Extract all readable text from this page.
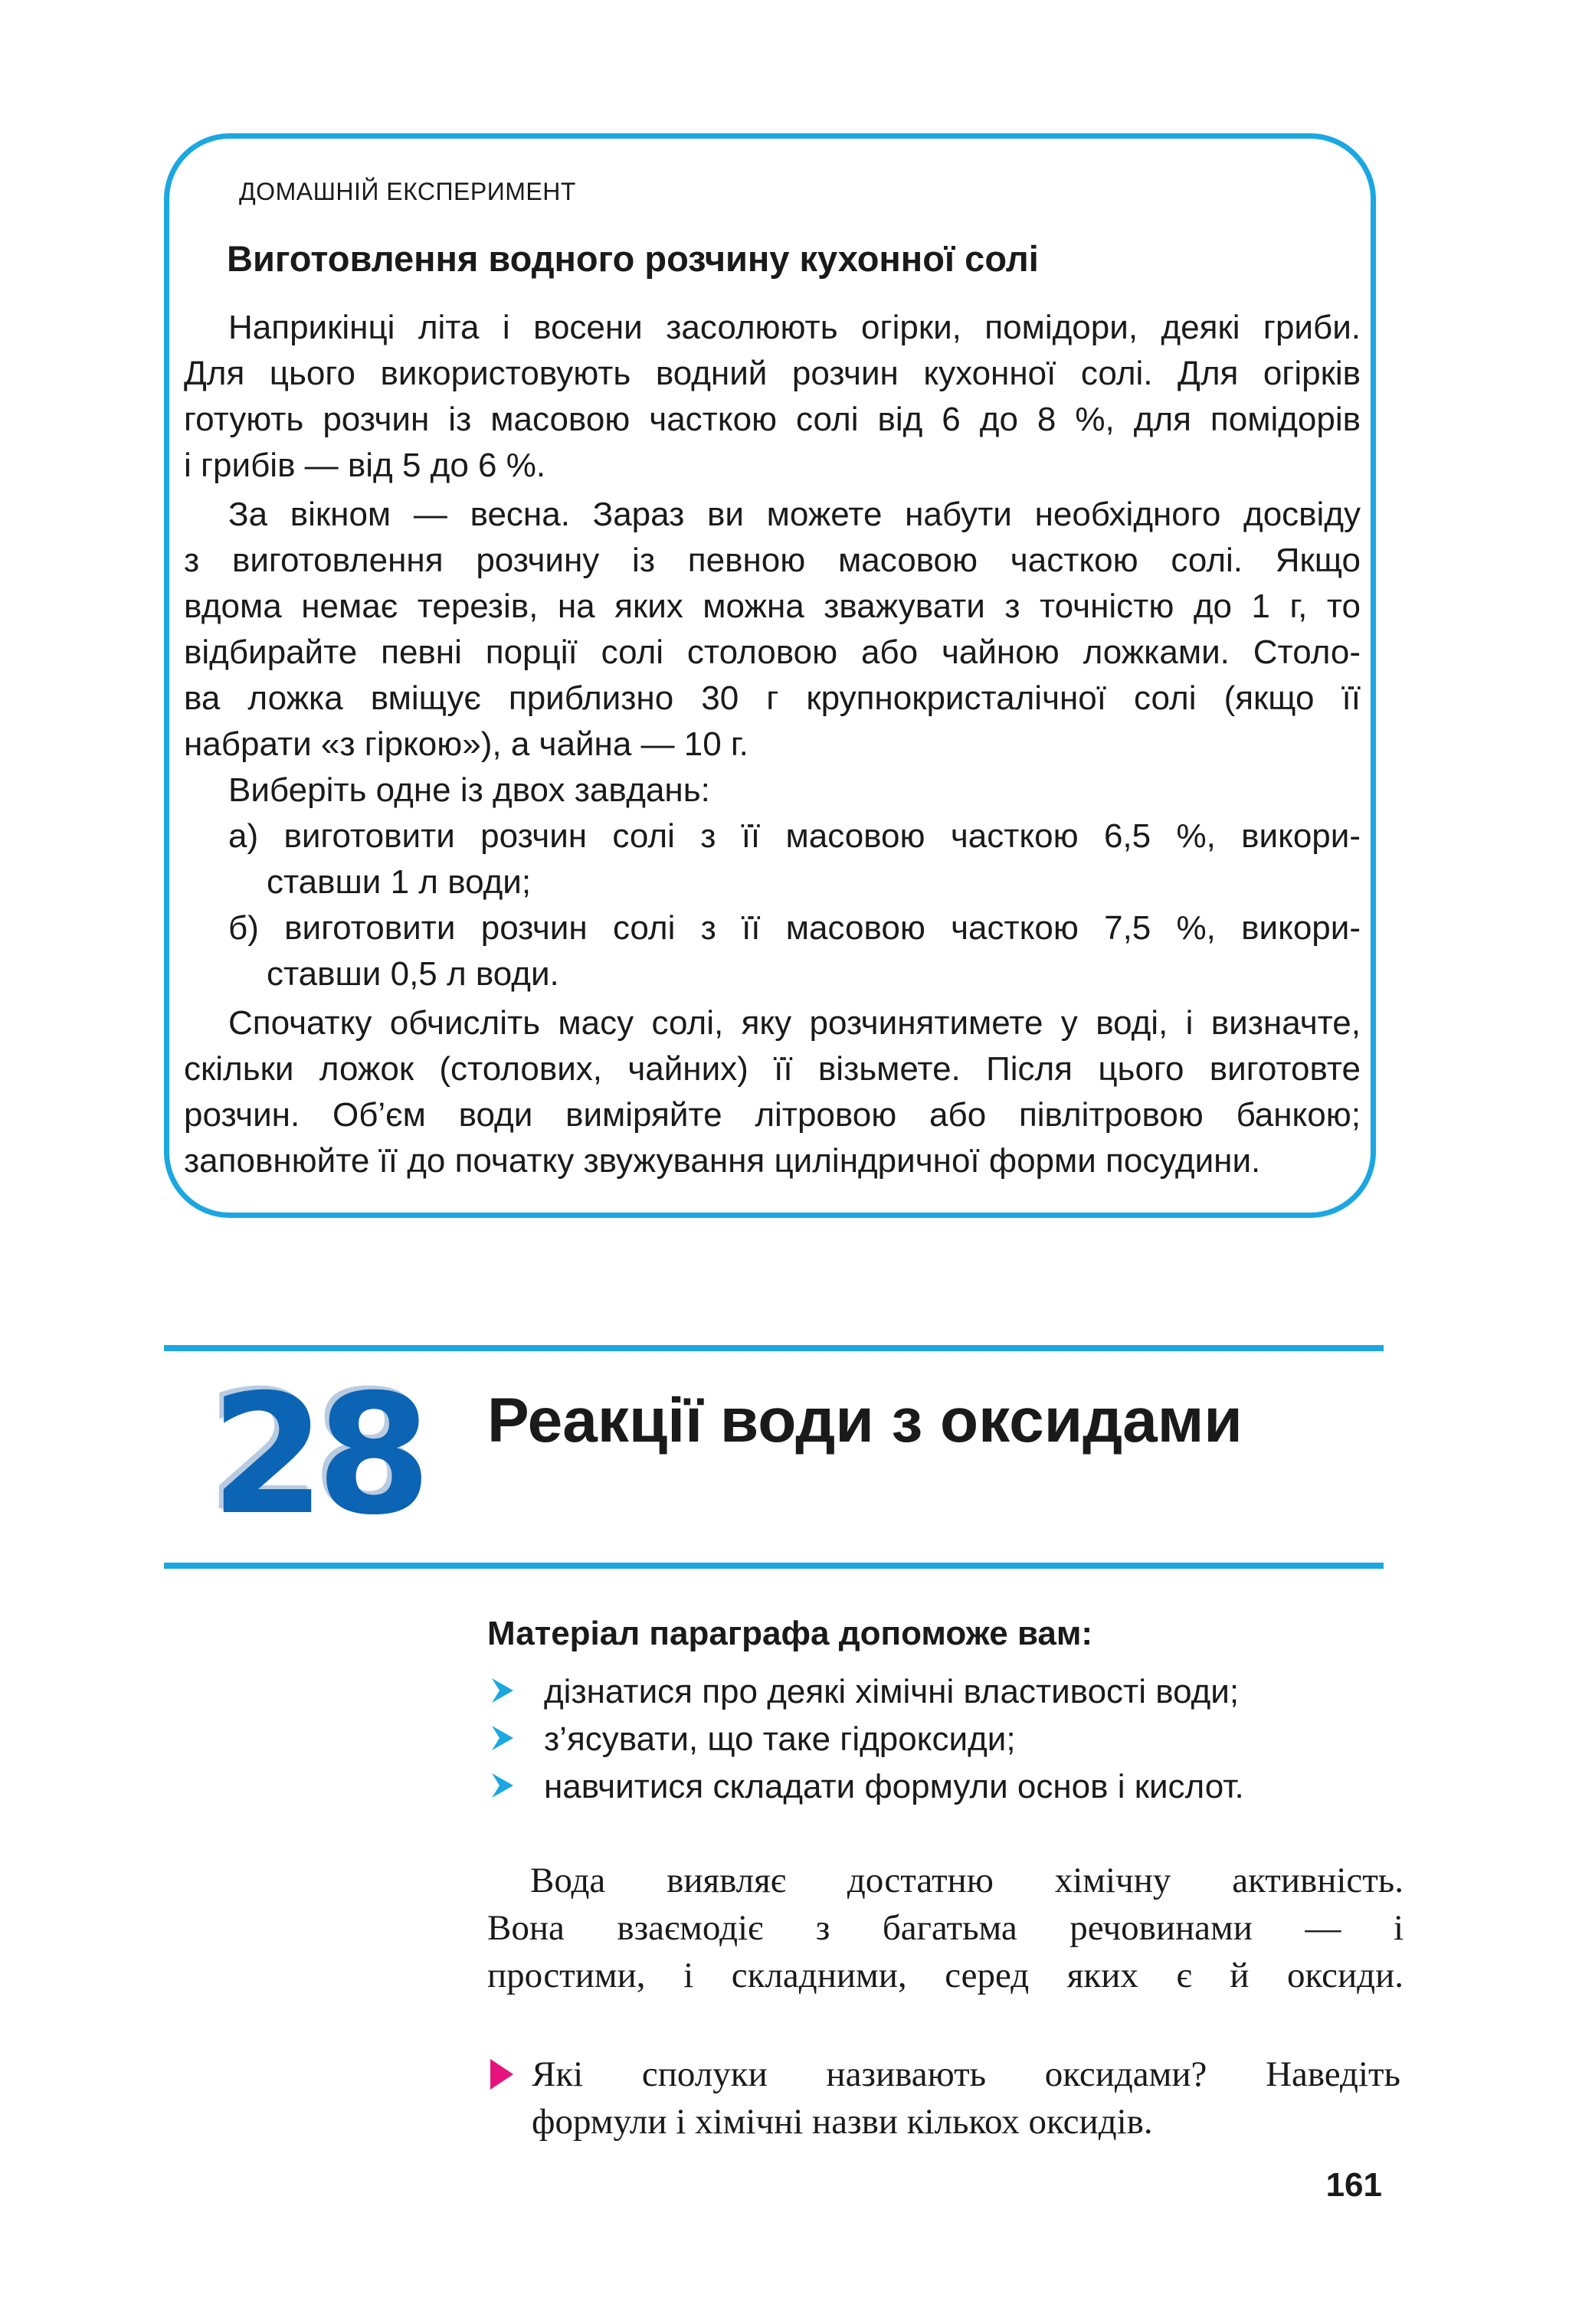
ДОМАШНІЙ ЕКСПЕРИМЕНТ
Виготовлення водного розчину кухонної солі
Наприкінці літа і восени засолюють огірки, помідори, деякі гриби.
Для цього використовують водний розчин кухонної солі. Для огірків
готують розчин із масовою часткою солі від 6 до 8 %, для помідорів
і грибів — від 5 до 6 %.
За вікном — весна. Зараз ви можете набути необхідного досвіду
з виготовлення розчину із певною масовою часткою солі. Якщо
вдома немає терезів, на яких можна зважувати з точністю до 1 г, то
відбирайте певні порції солі столовою або чайною ложками. Столо-
ва ложка вміщує приблизно 30 г крупнокристалічної солі (якщо її
набрати «з гіркою»), а чайна — 10 г.
Виберіть одне із двох завдань:
а) виготовити розчин солі з її масовою часткою 6,5 %, викори-
ставши 1 л води;
б) виготовити розчин солі з її масовою часткою 7,5 %, викори-
ставши 0,5 л води.
Спочатку обчисліть масу солі, яку розчинятимете у воді, і визначте,
скільки ложок (столових, чайних) її візьмете. Після цього виготовте
розчин. Об’єм води виміряйте літровою або півлітровою банкою;
заповнюйте її до початку звужування циліндричної форми посудини.
28	Реакції води з оксидами
Матеріал параграфа допоможе вам:
дізнатися про деякі хімічні властивості води;
з’ясувати, що таке гідроксиди;
навчитися складати формули основ і кислот.
Вода виявляє достатню хімічну активність.
Вона взаємодіє з багатьма речовинами — і
простими, і складними, серед яких є й оксиди.
Які сполуки називають оксидами? Наведіть
формули і хімічні назви кількох оксидів.
161
